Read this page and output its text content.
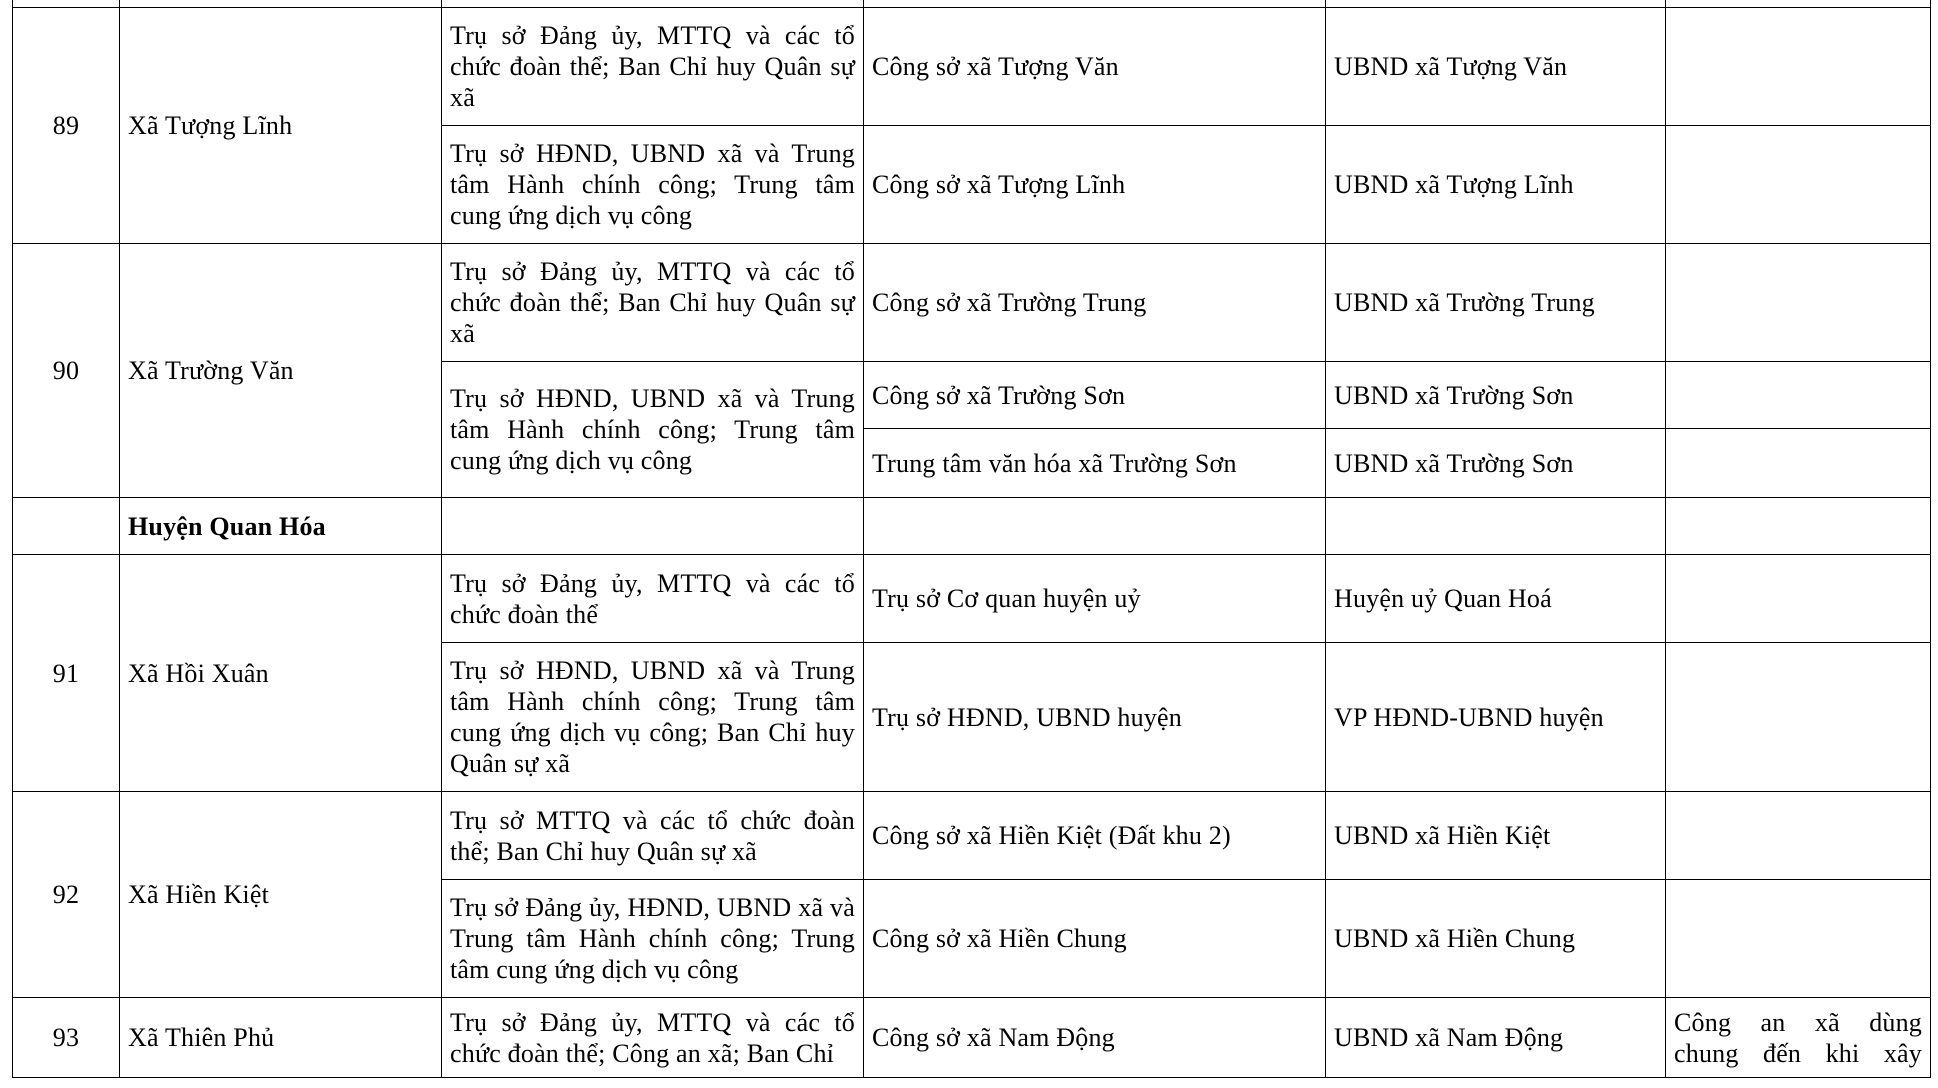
89	Xã Tượng Lĩnh	Trụ sở Đảng ủy, MTTQ và các tổ chức đoàn thể; Ban Chỉ huy Quân sự xã	Công sở xã Tượng Văn	UBND xã Tượng Văn	
		Trụ sở HĐND, UBND xã và Trung tâm Hành chính công; Trung tâm cung ứng dịch vụ công	Công sở xã Tượng Lĩnh	UBND xã Tượng Lĩnh	
90	Xã Trường Văn	Trụ sở Đảng ủy, MTTQ và các tổ chức đoàn thể; Ban Chỉ huy Quân sự xã	Công sở xã Trường Trung	UBND xã Trường Trung	
		Trụ sở HĐND, UBND xã và Trung tâm Hành chính công; Trung tâm cung ứng dịch vụ công	Công sở xã Trường Sơn	UBND xã Trường Sơn	
			Trung tâm văn hóa xã Trường Sơn	UBND xã Trường Sơn	
	Huyện Quan Hóa				
91	Xã Hồi Xuân	Trụ sở Đảng ủy, MTTQ và các tổ chức đoàn thể	Trụ sở Cơ quan huyện uỷ	Huyện uỷ Quan Hoá	
		Trụ sở HĐND, UBND xã và Trung tâm Hành chính công; Trung tâm cung ứng dịch vụ công; Ban Chỉ huy Quân sự xã	Trụ sở HĐND, UBND huyện	VP HĐND-UBND huyện	
92	Xã Hiền Kiệt	Trụ sở MTTQ và các tổ chức đoàn thể; Ban Chỉ huy Quân sự xã	Công sở xã Hiền Kiệt (Đất khu 2)	UBND xã Hiền Kiệt	
		Trụ sở Đảng ủy, HĐND, UBND xã và Trung tâm Hành chính công; Trung tâm cung ứng dịch vụ công	Công sở xã Hiền Chung	UBND xã Hiền Chung	
93	Xã Thiên Phủ	Trụ sở Đảng ủy, MTTQ và các tổ chức đoàn thể; Công an xã; Ban Chỉ	Công sở xã Nam Động	UBND xã Nam Động	Công an xã dùng chung đến khi xây
